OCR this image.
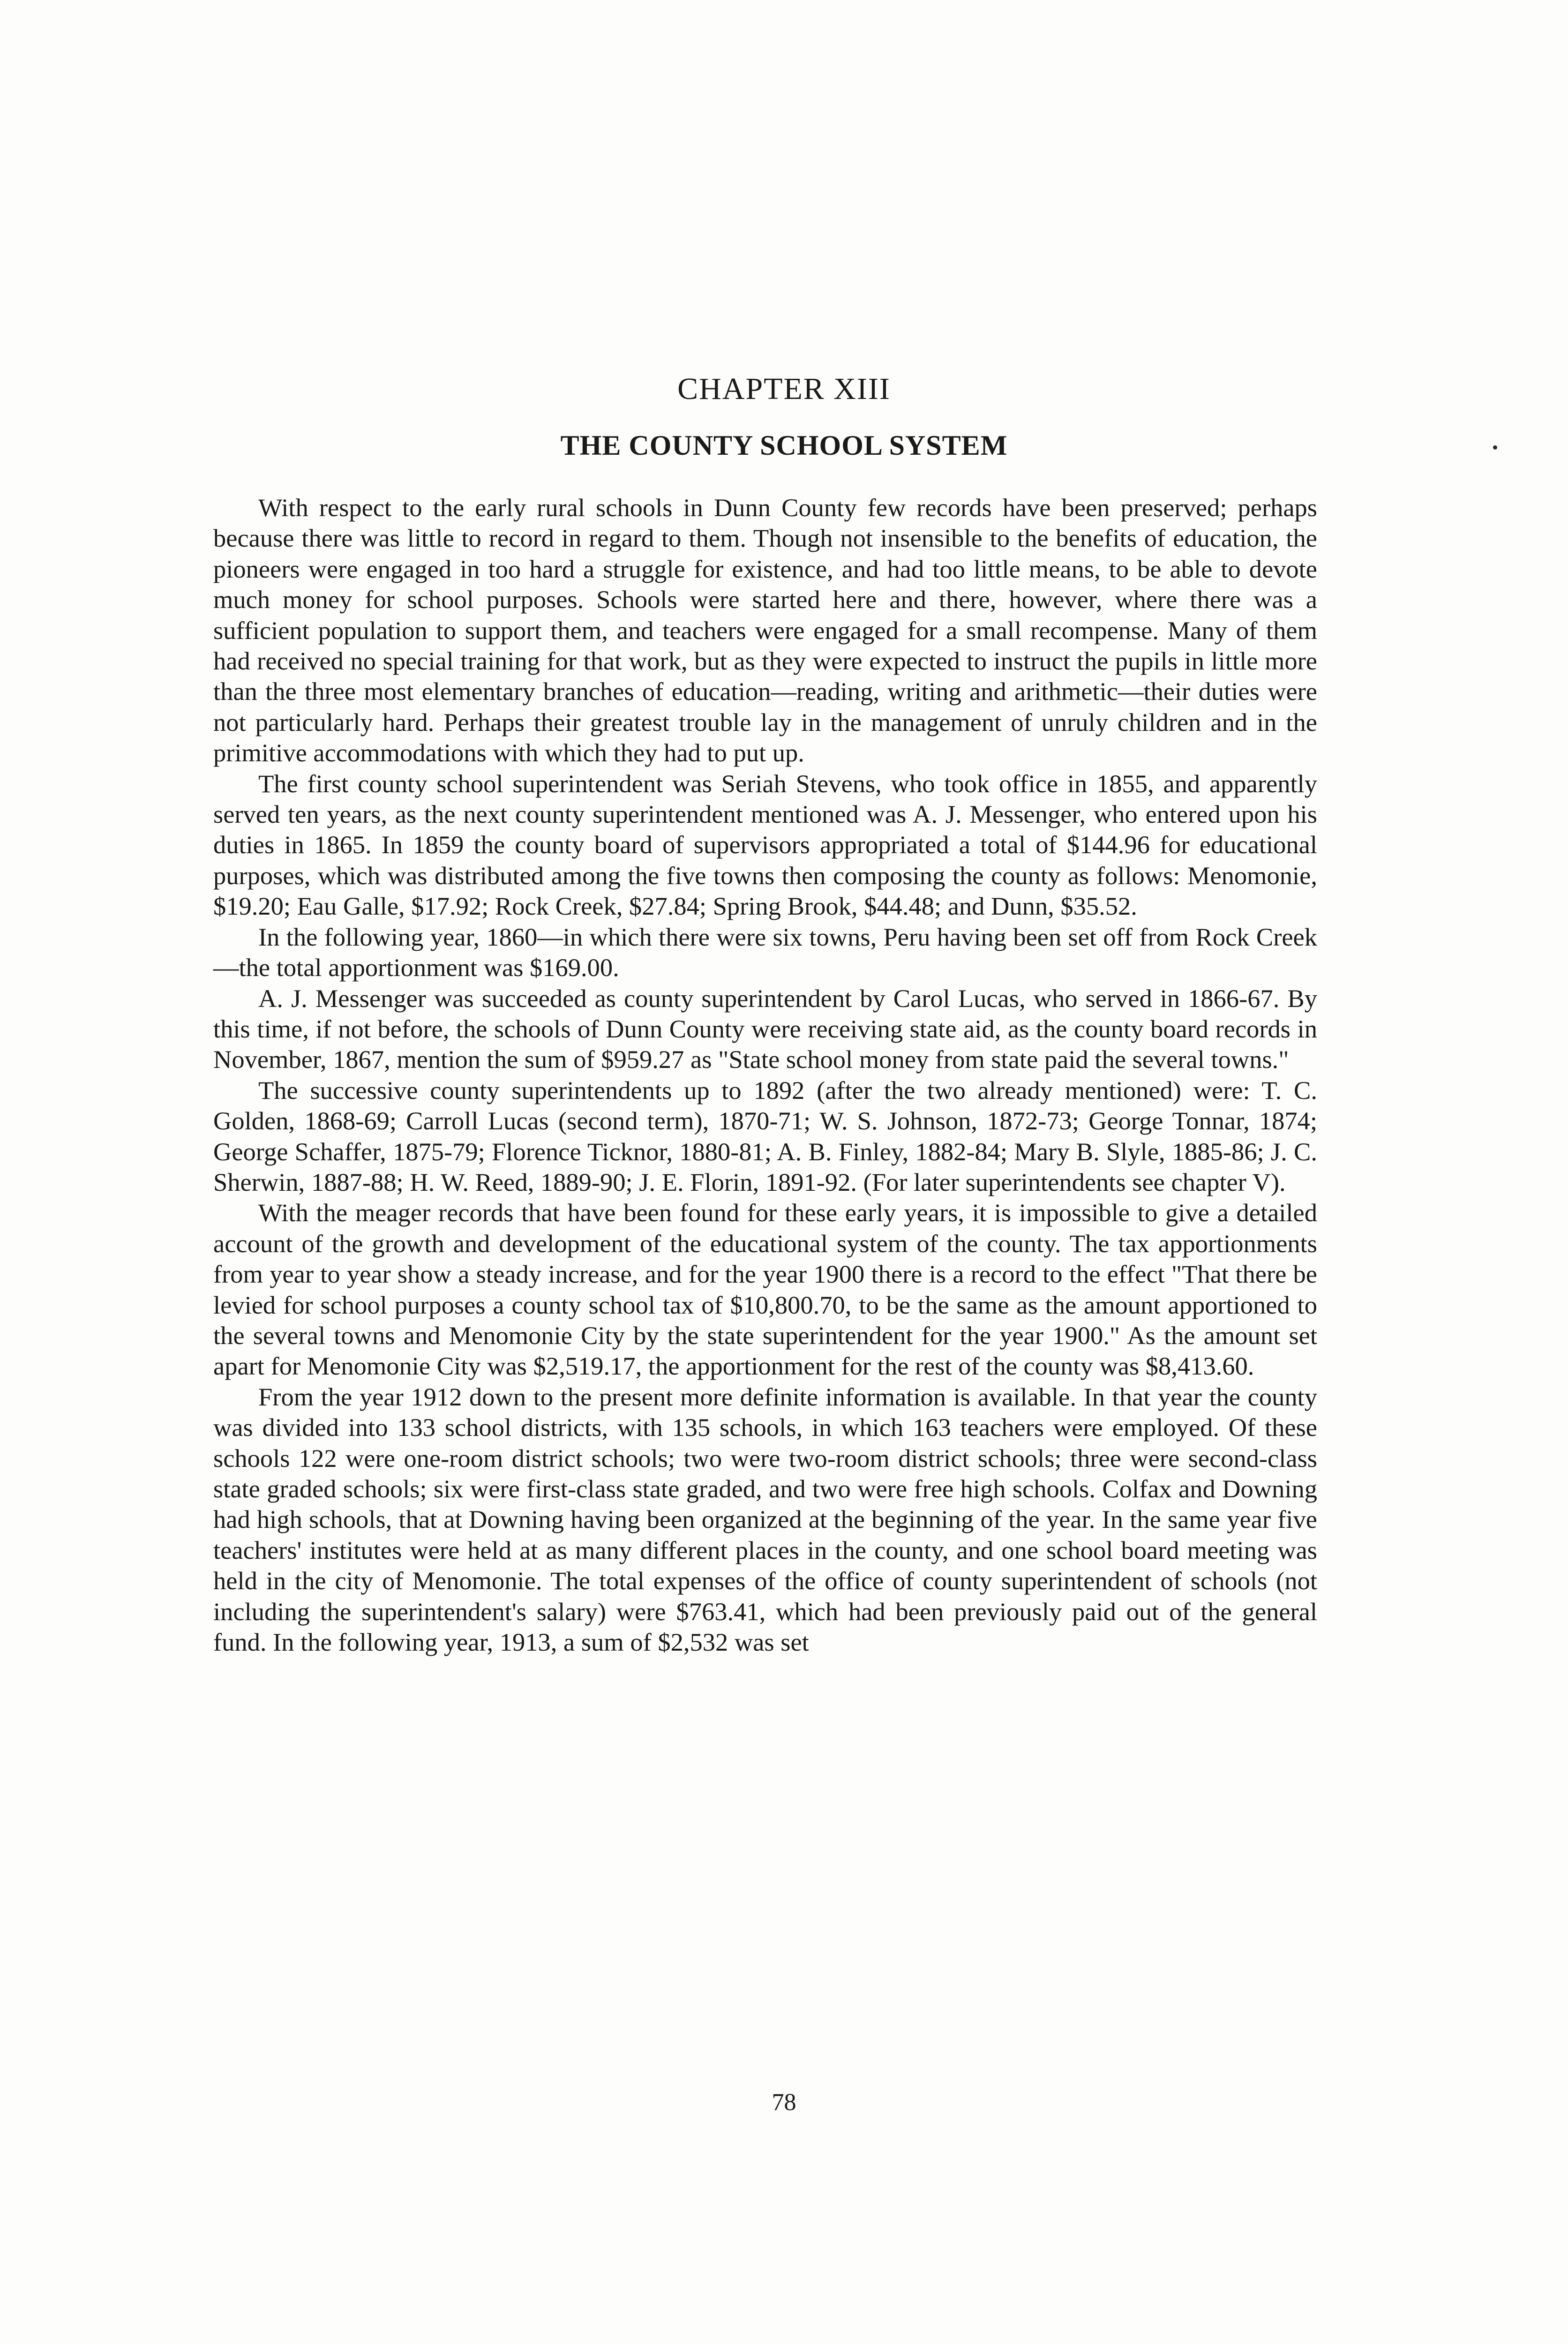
CHAPTER XIII
THE COUNTY SCHOOL SYSTEM

With respect to the early rural schools in Dunn County few records have been preserved; perhaps because there was little to record in regard to them. Though not insensible to the benefits of education, the pioneers were engaged in too hard a struggle for existence, and had too little means, to be able to devote much money for school purposes. Schools were started here and there, however, where there was a sufficient population to support them, and teachers were engaged for a small recompense. Many of them had received no special training for that work, but as they were expected to instruct the pupils in little more than the three most elementary branches of education—reading, writing and arithmetic—their duties were not particularly hard. Perhaps their greatest trouble lay in the management of unruly children and in the primitive accommodations with which they had to put up.

The first county school superintendent was Seriah Stevens, who took office in 1855, and apparently served ten years, as the next county superintendent mentioned was A. J. Messenger, who entered upon his duties in 1865. In 1859 the county board of supervisors appropriated a total of $144.96 for educational purposes, which was distributed among the five towns then composing the county as follows: Menomonie, $19.20; Eau Galle, $17.92; Rock Creek, $27.84; Spring Brook, $44.48; and Dunn, $35.52.

In the following year, 1860—in which there were six towns, Peru having been set off from Rock Creek—the total apportionment was $169.00.

A. J. Messenger was succeeded as county superintendent by Carol Lucas, who served in 1866-67. By this time, if not before, the schools of Dunn County were receiving state aid, as the county board records in November, 1867, mention the sum of $959.27 as "State school money from state paid the several towns."

The successive county superintendents up to 1892 (after the two already mentioned) were: T. C. Golden, 1868-69; Carroll Lucas (second term), 1870-71; W. S. Johnson, 1872-73; George Tonnar, 1874; George Schaffer, 1875-79; Florence Ticknor, 1880-81; A. B. Finley, 1882-84; Mary B. Slyle, 1885-86; J. C. Sherwin, 1887-88; H. W. Reed, 1889-90; J. E. Florin, 1891-92. (For later superintendents see chapter V).

With the meager records that have been found for these early years, it is impossible to give a detailed account of the growth and development of the educational system of the county. The tax apportionments from year to year show a steady increase, and for the year 1900 there is a record to the effect "That there be levied for school purposes a county school tax of $10,800.70, to be the same as the amount apportioned to the several towns and Menomonie City by the state superintendent for the year 1900." As the amount set apart for Menomonie City was $2,519.17, the apportionment for the rest of the county was $8,413.60.

From the year 1912 down to the present more definite information is available. In that year the county was divided into 133 school districts, with 135 schools, in which 163 teachers were employed. Of these schools 122 were one-room district schools; two were two-room district schools; three were second-class state graded schools; six were first-class state graded, and two were free high schools. Colfax and Downing had high schools, that at Downing having been organized at the beginning of the year. In the same year five teachers' institutes were held at as many different places in the county, and one school board meeting was held in the city of Menomonie. The total expenses of the office of county superintendent of schools (not including the superintendent's salary) were $763.41, which had been previously paid out of the general fund. In the following year, 1913, a sum of $2,532 was set

78
